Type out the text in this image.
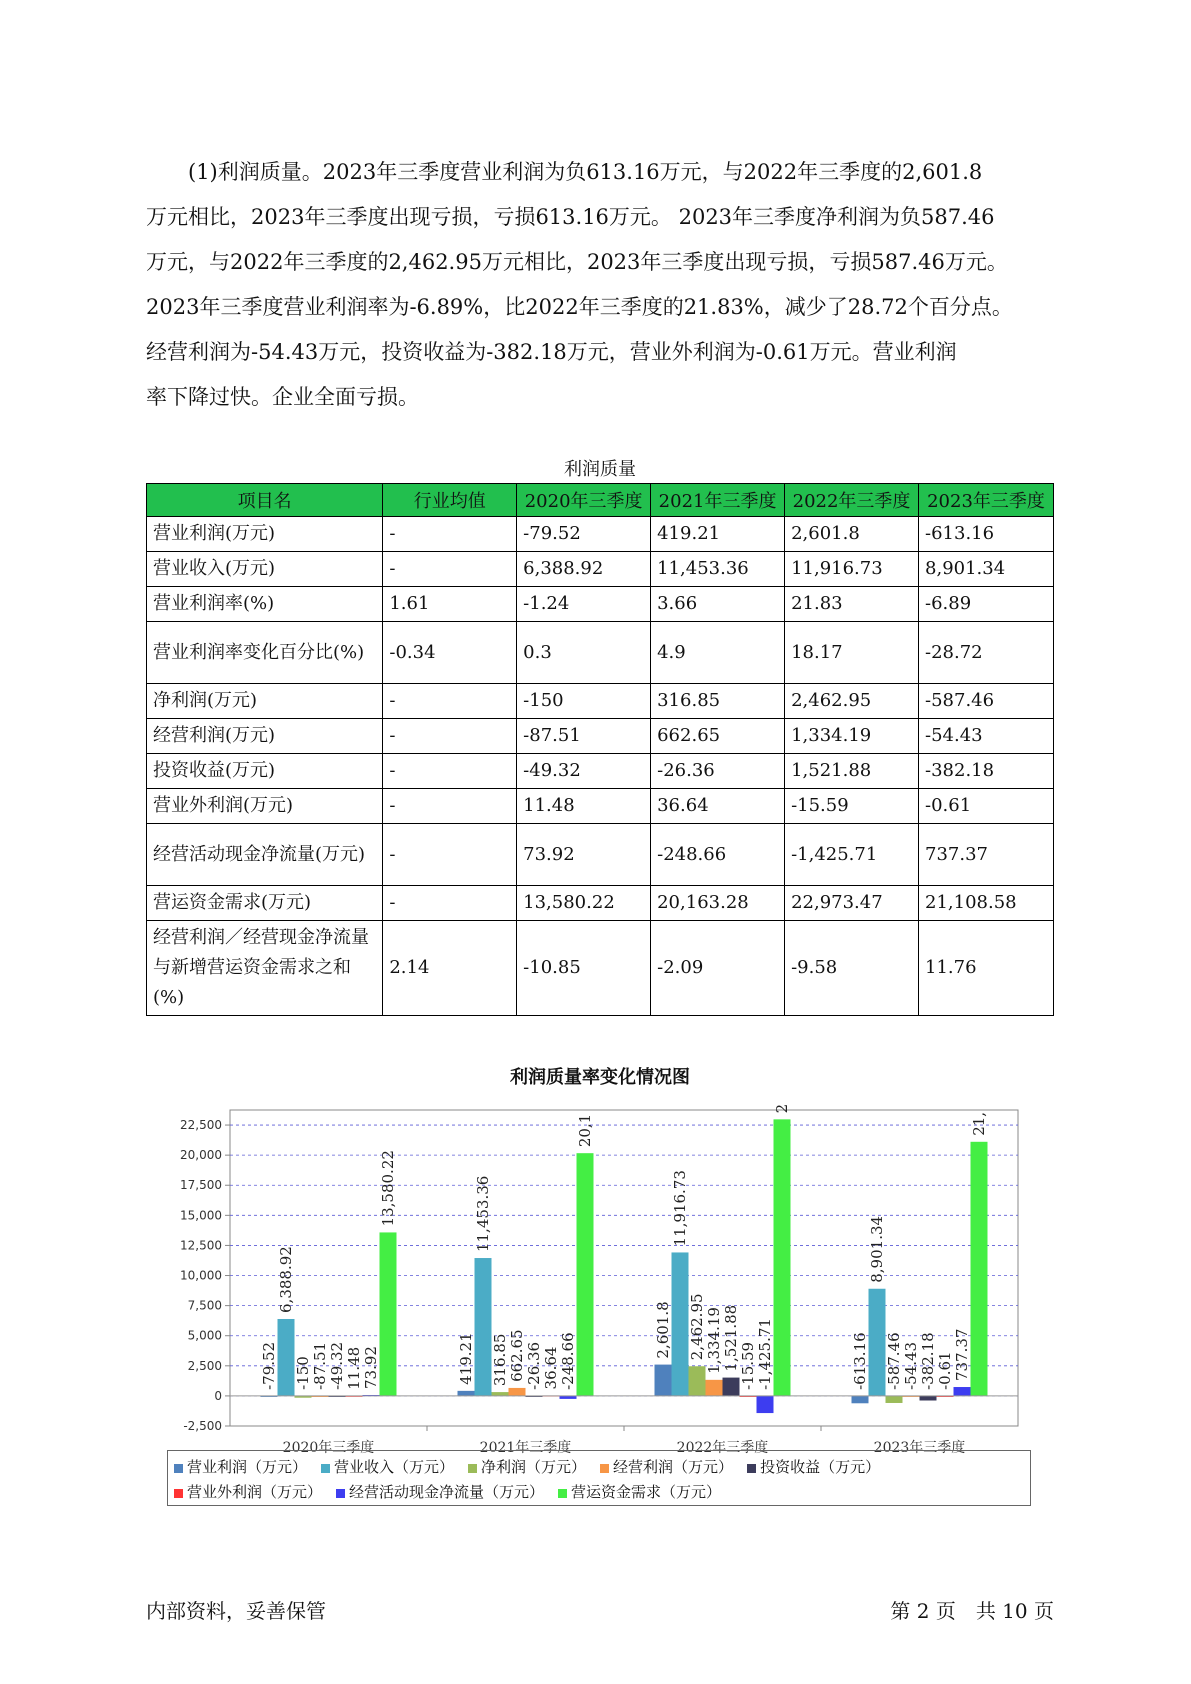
　　(1)利润质量。2023年三季度营业利润为负613.16万元，与2022年三季度的2,601.8
万元相比，2023年三季度出现亏损，亏损613.16万元。 2023年三季度净利润为负587.46
万元，与2022年三季度的2,462.95万元相比，2023年三季度出现亏损，亏损587.46万元。
2023年三季度营业利润率为-6.89%，比2022年三季度的21.83%，减少了28.72个百分点。
经营利润为-54.43万元，投资收益为-382.18万元，营业外利润为-0.61万元。营业利润
率下降过快。企业全面亏损。

利润质量
项目名	行业均值	2020年三季度	2021年三季度	2022年三季度	2023年三季度
营业利润(万元)	-	-79.52	419.21	2,601.8	-613.16
营业收入(万元)	-	6,388.92	11,453.36	11,916.73	8,901.34
营业利润率(%)	1.61	-1.24	3.66	21.83	-6.89
营业利润率变化百分比(%)	-0.34	0.3	4.9	18.17	-28.72
净利润(万元)	-	-150	316.85	2,462.95	-587.46
经营利润(万元)	-	-87.51	662.65	1,334.19	-54.43
投资收益(万元)	-	-49.32	-26.36	1,521.88	-382.18
营业外利润(万元)	-	11.48	36.64	-15.59	-0.61
经营活动现金净流量(万元)	-	73.92	-248.66	-1,425.71	737.37
营运资金需求(万元)	-	13,580.22	20,163.28	22,973.47	21,108.58
经营利润／经营现金净流量与新增营运资金需求之和(%)	2.14	-10.85	-2.09	-9.58	11.76
利润质量率变化情况图
-2,500
0
2,500
5,000
7,500
10,000
12,500
15,000
17,500
20,000
22,500
2020年三季度
-79.52
6,388.92
-150 -87.51 -49.32 11.48 73.92
13,580.22
2021年三季度
419.21
11,453.36
316.85 662.65 -26.36 36.64 -248.66
20,1
2022年三季度
2,601.8
11,916.73
2,462.95 1,334.19 1,521.88 -15.59 -1,425.71
2
2023年三季度
-613.16
8,901.34
-587.46 -54.43 -382.18 -0.61 737.37
21,
营业利润（万元） 营业收入（万元） 净利润（万元） 经营利润（万元） 投资收益（万元）
营业外利润（万元） 经营活动现金净流量（万元） 营运资金需求（万元）
内部资料，妥善保管	第 2 页　共 10 页
